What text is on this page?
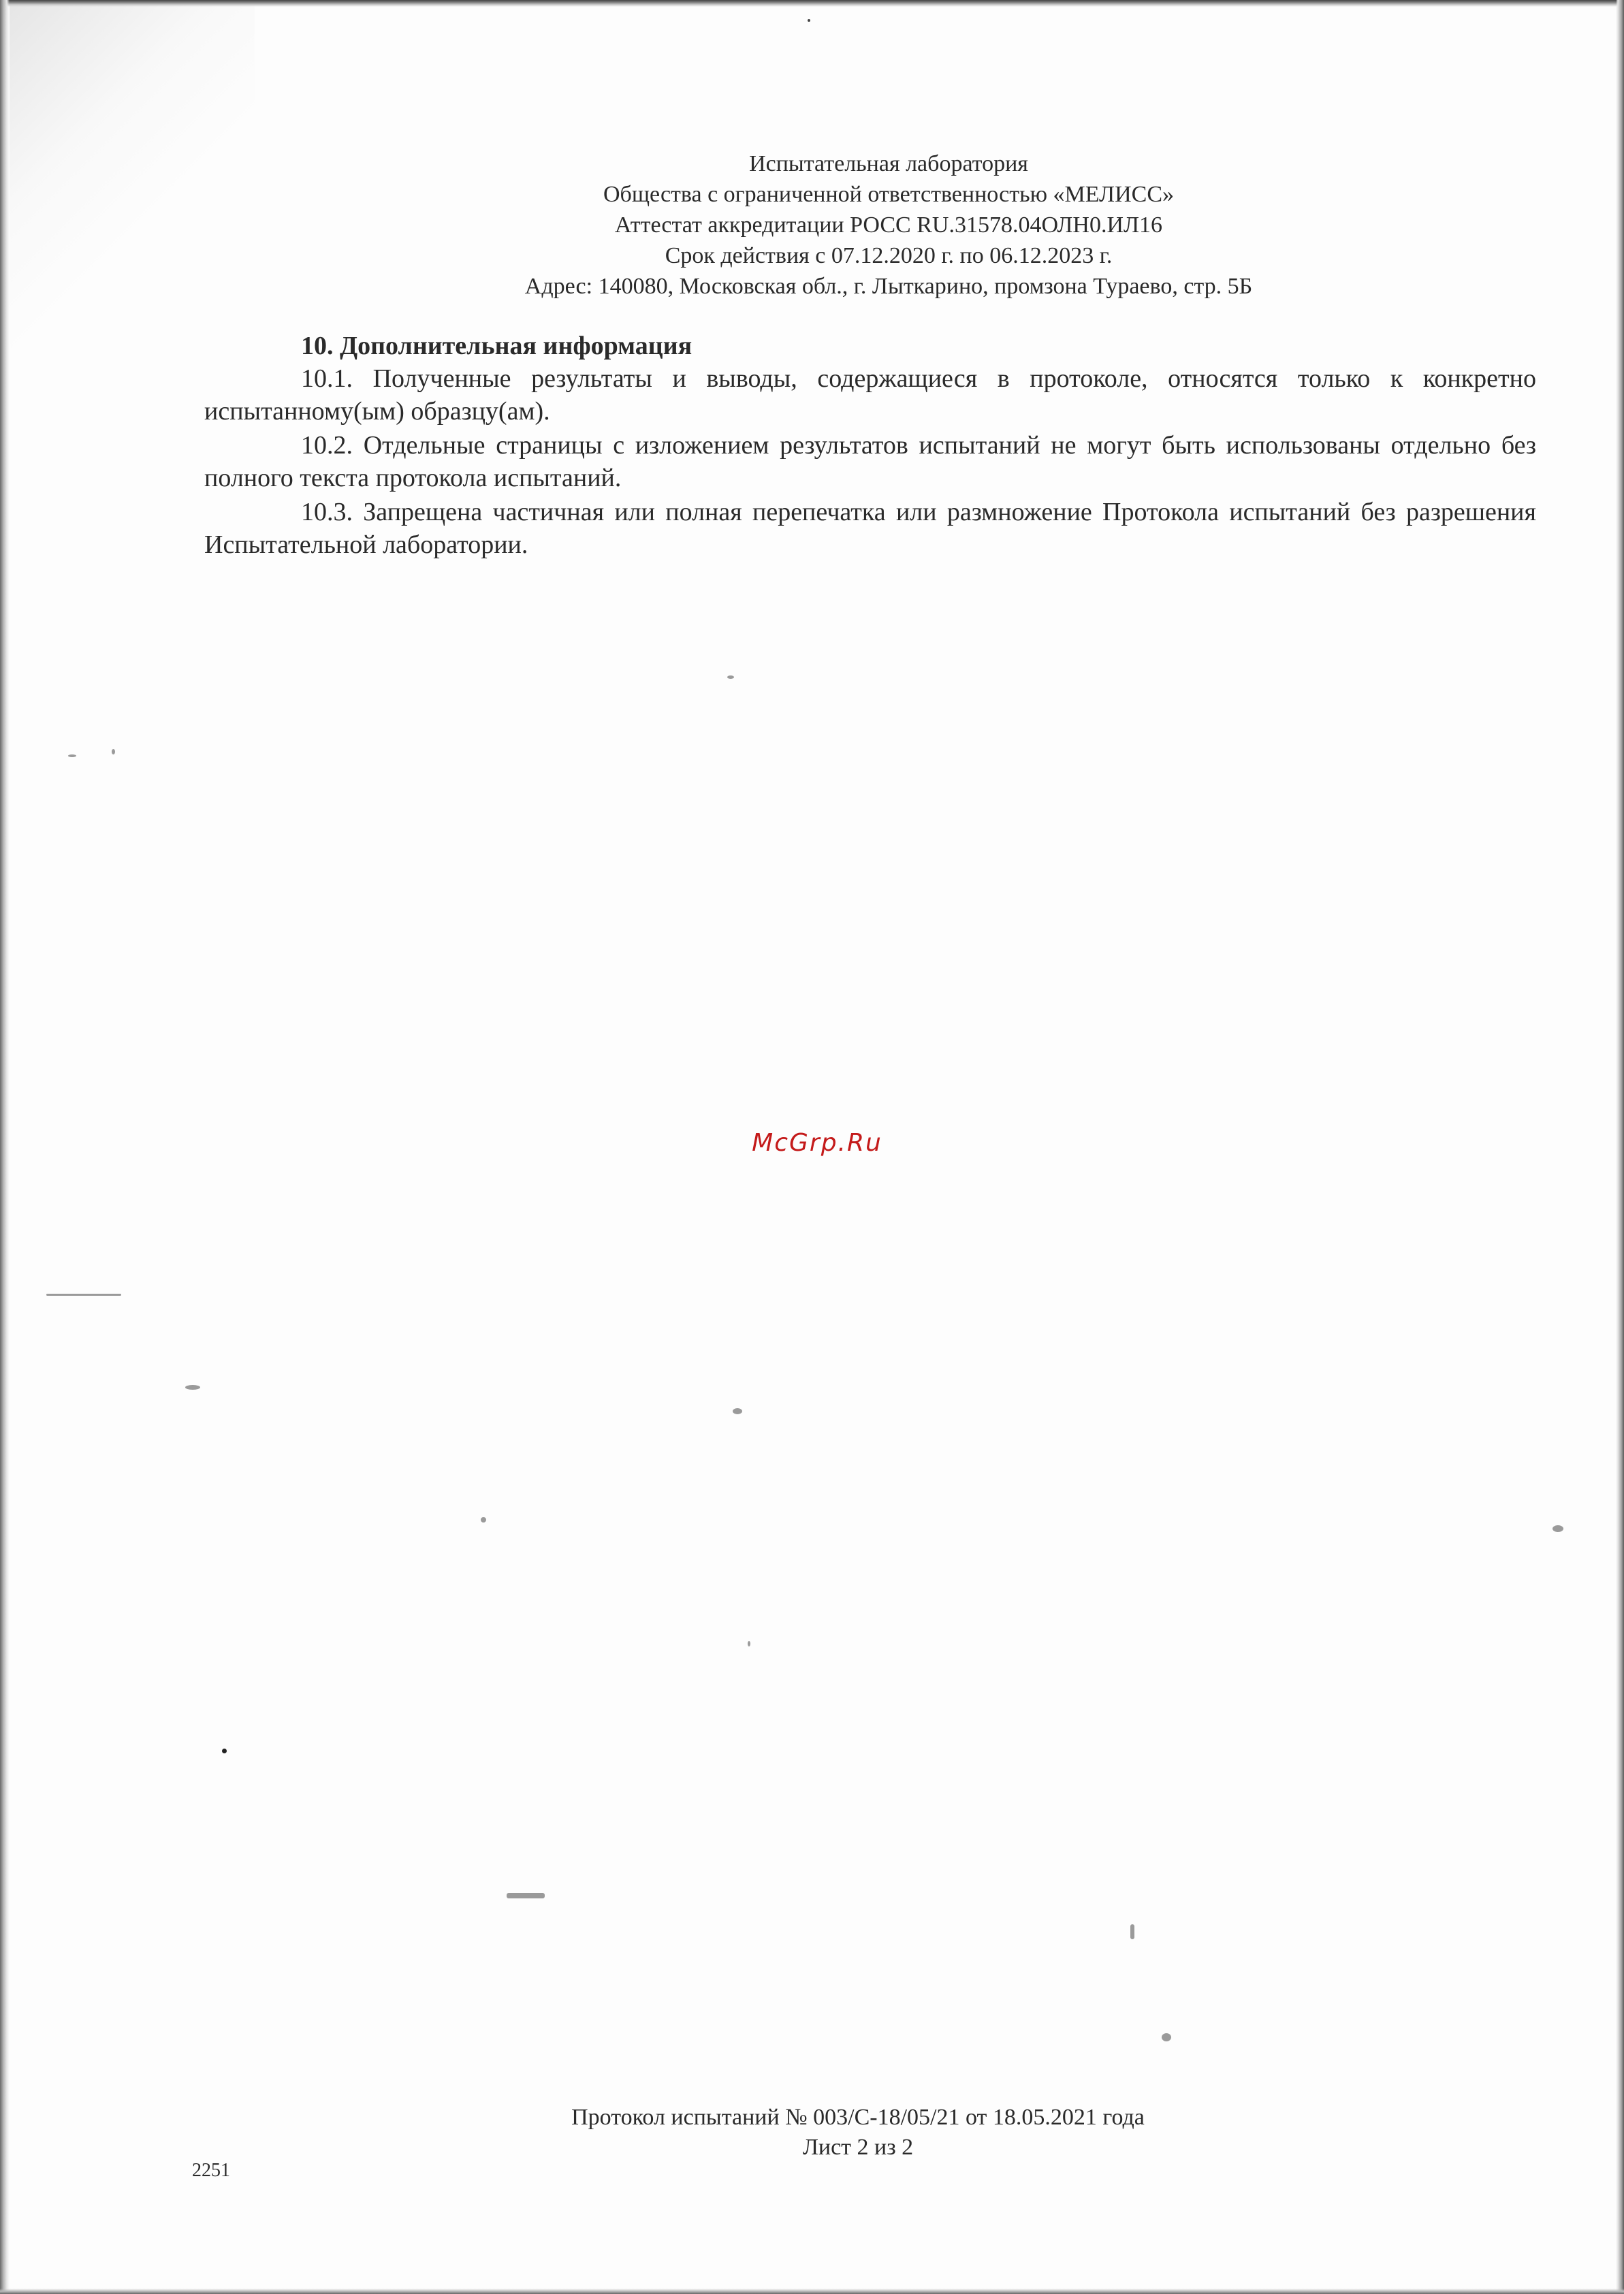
Испытательная лаборатория
Общества с ограниченной ответственностью «МЕЛИСС»
Аттестат аккредитации РОСС RU.31578.04ОЛН0.ИЛ16
Срок действия с 07.12.2020 г. по 06.12.2023 г.
Адрес: 140080, Московская обл., г. Лыткарино, промзона Тураево, стр. 5Б

10. Дополнительная информация

10.1. Полученные результаты и выводы, содержащиеся в протоколе, относятся только к конкретно испытанному(ым) образцу(ам).

10.2. Отдельные страницы с изложением результатов испытаний не могут быть использованы отдельно без полного текста протокола испытаний.

10.3. Запрещена частичная или полная перепечатка или размножение Протокола испытаний без разрешения Испытательной лаборатории.

McGrp.Ru
Протокол испытаний № 003/С-18/05/21 от 18.05.2021 года
Лист 2 из 2
2251
